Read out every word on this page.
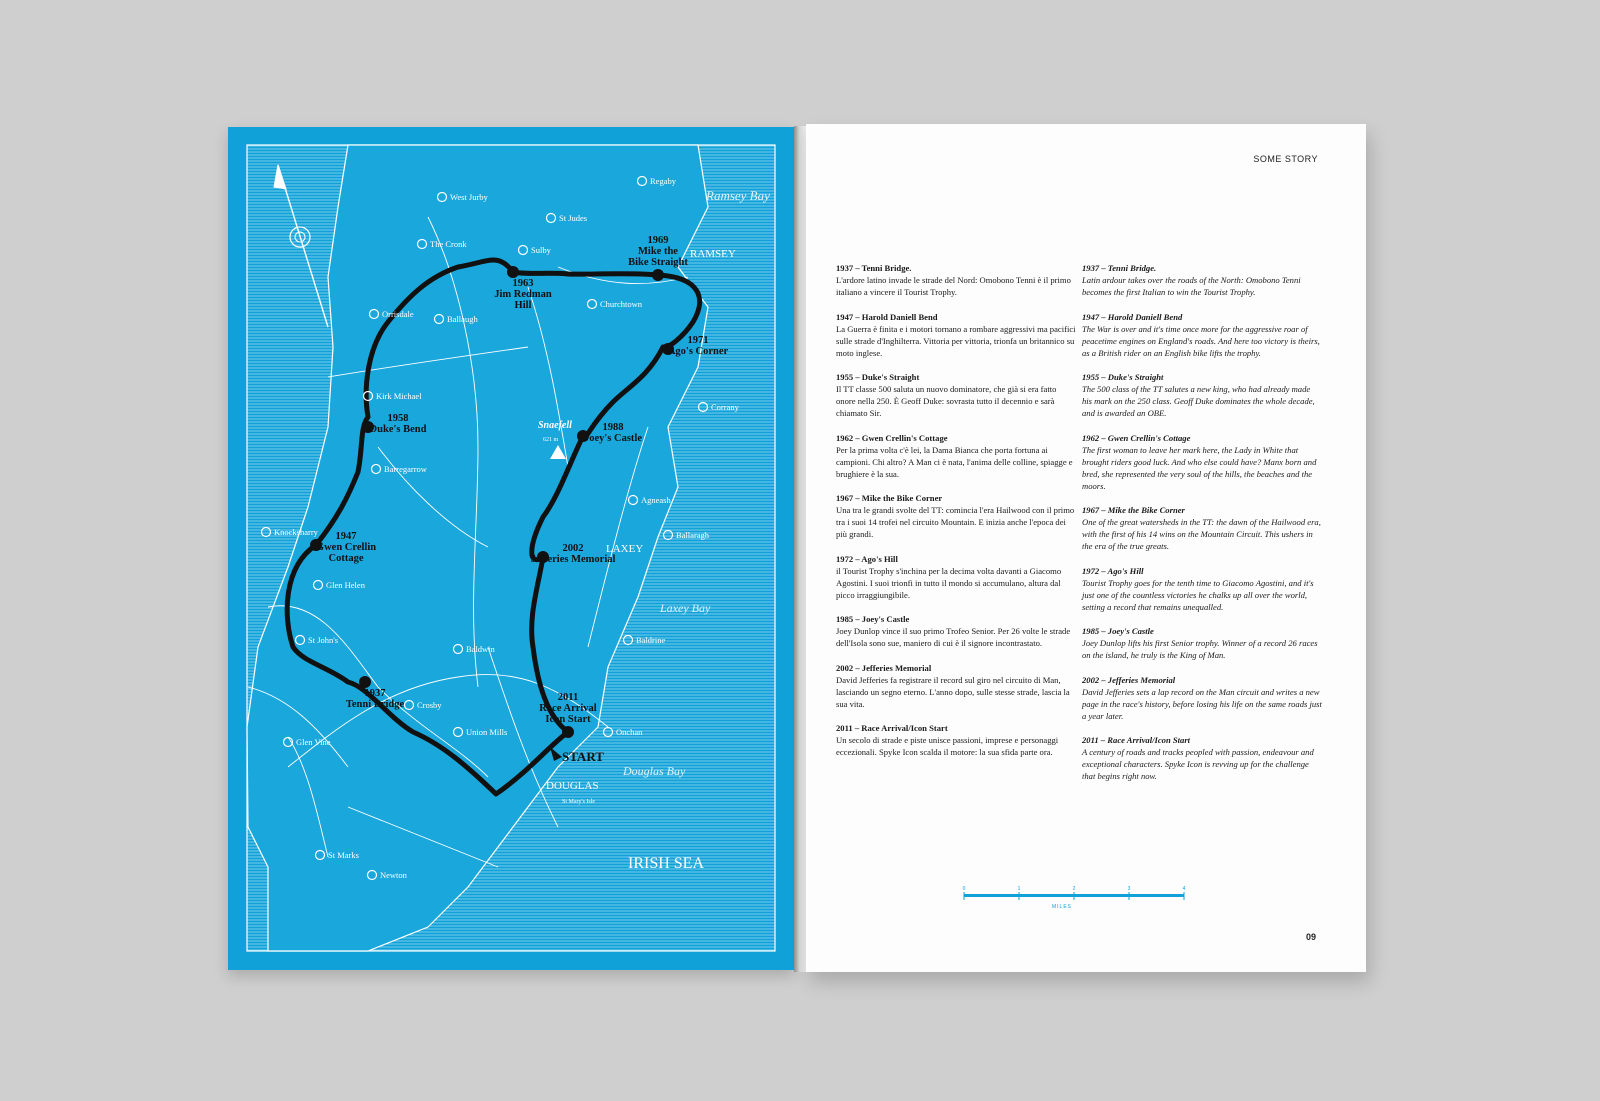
1969
Mike the
Bike Straight
1963
Jim Redman
Hill
1971
Ago's Corner
1958
Duke's Bend	1988
Joey's Castle
1947
Gwen Crellin
Cottage
2002
Jefferies Memorial
1937
Tenni Bridge
2011
Race Arrival
Icon Start
Regaby
West Jurby
St Judes
The Cronk
Sulby
Churchtown
Orrisdale	Ballaugh
Kirk Michael
Barregarrow
Corrany
Agneash
Ballaragh
Knocksharry
Glen Helen
St John's	Baldrine
Baldwin
Crosby
Union Mills	Onchan
Glen Vine
St Marks
Newton
Ramsey Bay
RAMSEY
LAXEY
Laxey Bay
DOUGLAS
Douglas Bay
St Mary's Isle
IRISH SEA
Snaefell
621 m
START
SOME STORY

1937 – Tenni Bridge.

L'ardore latino invade le strade del Nord: Omobono Tenni è il primo italiano a vincere il Tourist Trophy.

1947 – Harold Daniell Bend

La Guerra è finita e i motori tornano a rombare aggressivi ma pacifici sulle strade d'Inghilterra. Vittoria per vittoria, trionfa un britannico su moto inglese.

1955 – Duke's Straight

Il TT classe 500 saluta un nuovo dominatore, che già si era fatto onore nella 250. È Geoff Duke: sovrasta tutto il decennio e sarà chiamato Sir.

1962 – Gwen Crellin's Cottage

Per la prima volta c'è lei, la Dama Bianca che porta fortuna ai campioni. Chi altro? A Man ci è nata, l'anima delle colline, spiagge e brughiere è la sua.

1967 – Mike the Bike Corner

Una tra le grandi svolte del TT: comincia l'era Hailwood con il primo tra i suoi 14 trofei nel circuito Mountain. E inizia anche l'epoca dei più grandi.

1972 – Ago's Hill

il Tourist Trophy s'inchina per la decima volta davanti a Giacomo Agostini. I suoi trionfi in tutto il mondo si accumulano, altura dal picco irraggiungibile.

1985 – Joey's Castle

Joey Dunlop vince il suo primo Trofeo Senior. Per 26 volte le strade dell'Isola sono sue, maniero di cui è il signore incontrastato.

2002 – Jefferies Memorial

David Jefferies fa registrare il record sul giro nel circuito di Man, lasciando un segno eterno. L'anno dopo, sulle stesse strade, lascia la sua vita.

2011 – Race Arrival/Icon Start

Un secolo di strade e piste unisce passioni, imprese e personaggi eccezionali. Spyke Icon scalda il motore: la sua sfida parte ora.

1937 – Tenni Bridge.

Latin ardour takes over the roads of the North: Omobono Tenni becomes the first Italian to win the Tourist Trophy.

1947 – Harold Daniell Bend

The War is over and it's time once more for the aggressive roar of peacetime engines on England's roads. And here too victory is theirs, as a British rider on an English bike lifts the trophy.

1955 – Duke's Straight

The 500 class of the TT salutes a new king, who had already made his mark on the 250 class. Geoff Duke dominates the whole decade, and is awarded an OBE.

1962 – Gwen Crellin's Cottage

The first woman to leave her mark here, the Lady in White that brought riders good luck. And who else could have? Manx born and bred, she represented the very soul of the hills, the beaches and the moors.

1967 – Mike the Bike Corner

One of the great watersheds in the TT: the dawn of the Hailwood era, with the first of his 14 wins on the Mountain Circuit. This ushers in the era of the true greats.

1972 – Ago's Hill

Tourist Trophy goes for the tenth time to Giacomo Agostini, and it's just one of the countless victories he chalks up all over the world, setting a record that remains unequalled.

1985 – Joey's Castle

Joey Dunlop lifts his first Senior trophy. Winner of a record 26 races on the island, he truly is the King of Man.

2002 – Jefferies Memorial

David Jefferies sets a lap record on the Man circuit and writes a new page in the race's history, before losing his life on the same roads just a year later.

2011 – Race Arrival/Icon Start

A century of roads and tracks peopled with passion, endeavour and exceptional characters. Spyke Icon is revving up for the challenge that begins right now.

0	1	2	3	4
MILES
09
